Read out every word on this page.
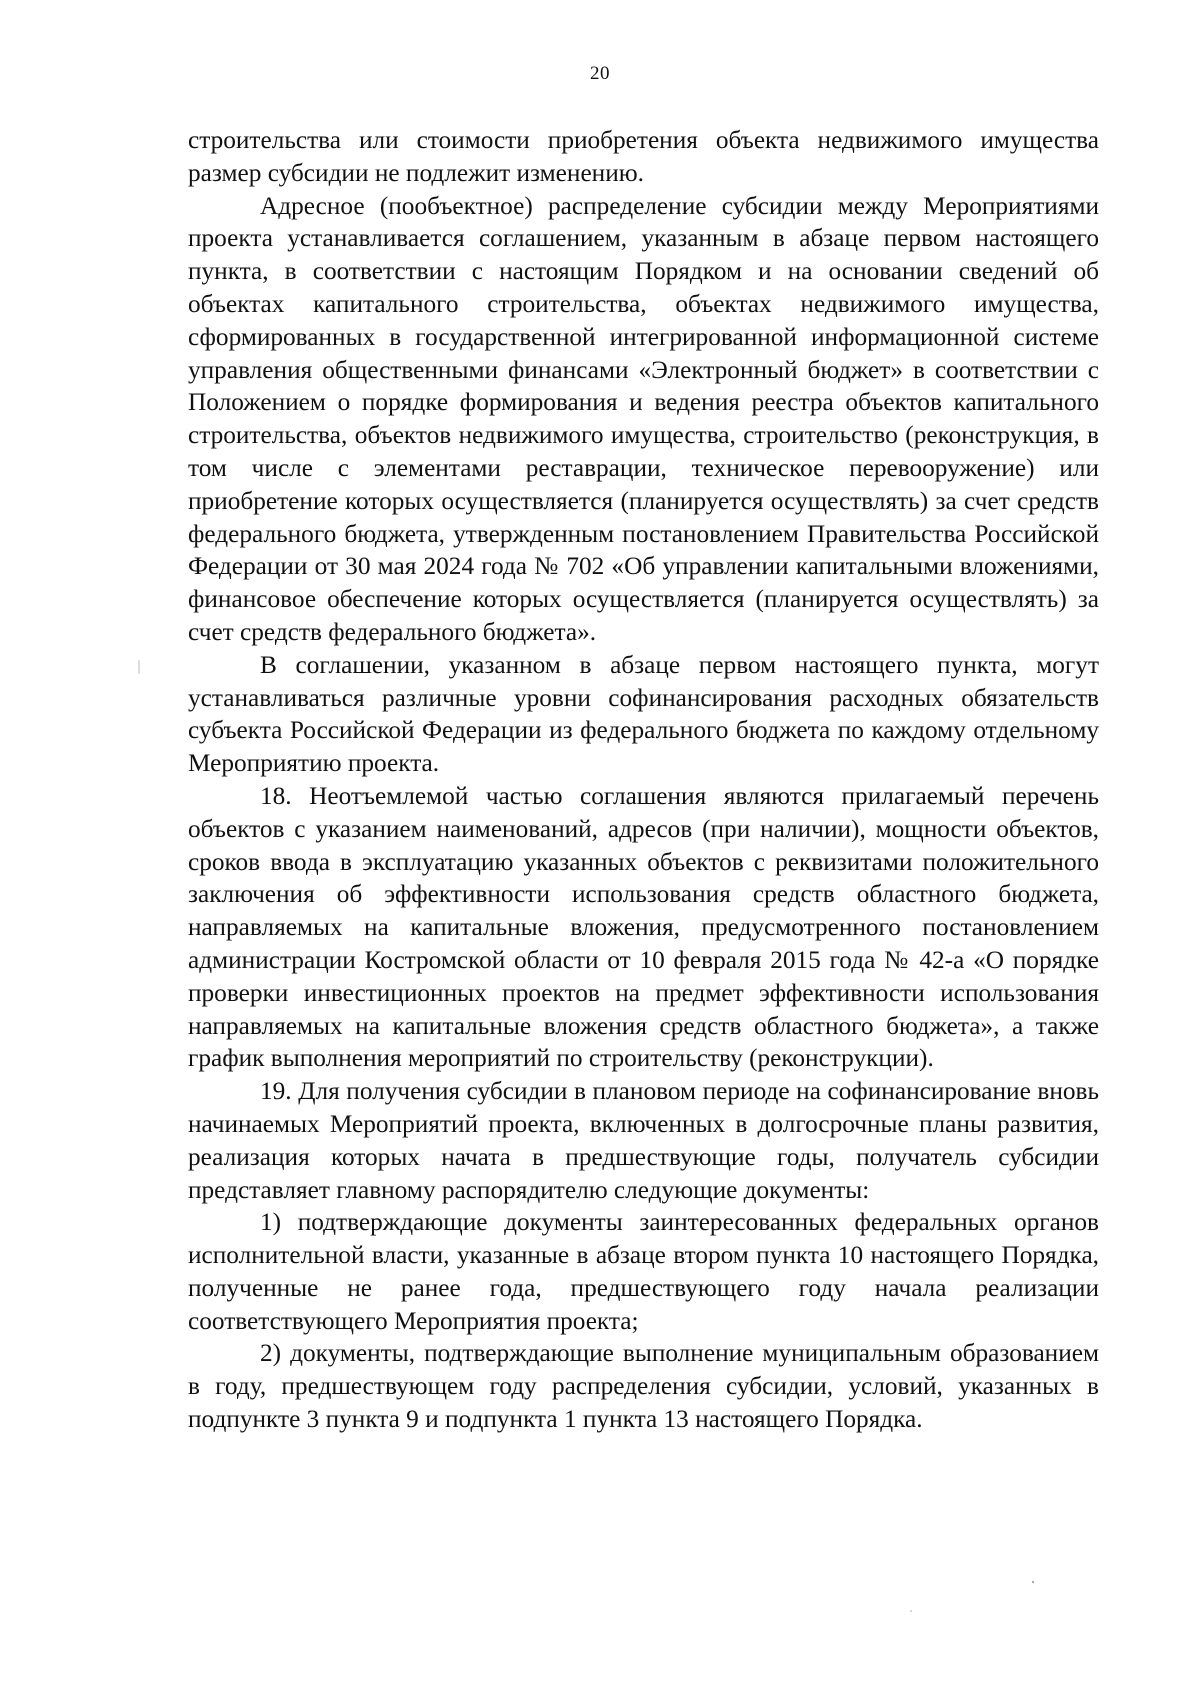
20

строительства или стоимости приобретения объекта недвижимого имущества размер субсидии не подлежит изменению.

Адресное (пообъектное) распределение субсидии между Мероприятиями проекта устанавливается соглашением, указанным в абзаце первом настоящего пункта, в соответствии с настоящим Порядком и на основании сведений об объектах капитального строительства, объектах недвижимого имущества, сформированных в государственной интегрированной информационной системе управления общественными финансами «Электронный бюджет» в соответствии с Положением о порядке формирования и ведения реестра объектов капитального строительства, объектов недвижимого имущества, строительство (реконструкция, в том числе с элементами реставрации, техническое перевооружение) или приобретение которых осуществляется (планируется осуществлять) за счет средств федерального бюджета, утвержденным постановлением Правительства Российской Федерации от 30 мая 2024 года № 702 «Об управлении капитальными вложениями, финансовое обеспечение которых осуществляется (планируется осуществлять) за счет средств федерального бюджета».

В соглашении, указанном в абзаце первом настоящего пункта, могут устанавливаться различные уровни софинансирования расходных обязательств субъекта Российской Федерации из федерального бюджета по каждому отдельному Мероприятию проекта.

18. Неотъемлемой частью соглашения являются прилагаемый перечень объектов с указанием наименований, адресов (при наличии), мощности объектов, сроков ввода в эксплуатацию указанных объектов с реквизитами положительного заключения об эффективности использования средств областного бюджета, направляемых на капитальные вложения, предусмотренного постановлением администрации Костромской области от 10 февраля 2015 года № 42-а «О порядке проверки инвестиционных проектов на предмет эффективности использования направляемых на капитальные вложения средств областного бюджета», а также график выполнения мероприятий по строительству (реконструкции).

19. Для получения субсидии в плановом периоде на софинансирование вновь начинаемых Мероприятий проекта, включенных в долгосрочные планы развития, реализация которых начата в предшествующие годы, получатель субсидии представляет главному распорядителю следующие документы:

1) подтверждающие документы заинтересованных федеральных органов исполнительной власти, указанные в абзаце втором пункта 10 настоящего Порядка, полученные не ранее года, предшествующего году начала реализации соответствующего Мероприятия проекта;

2) документы, подтверждающие выполнение муниципальным образованием в году, предшествующем году распределения субсидии, условий, указанных в подпункте 3 пункта 9 и подпункта 1 пункта 13 настоящего Порядка.
